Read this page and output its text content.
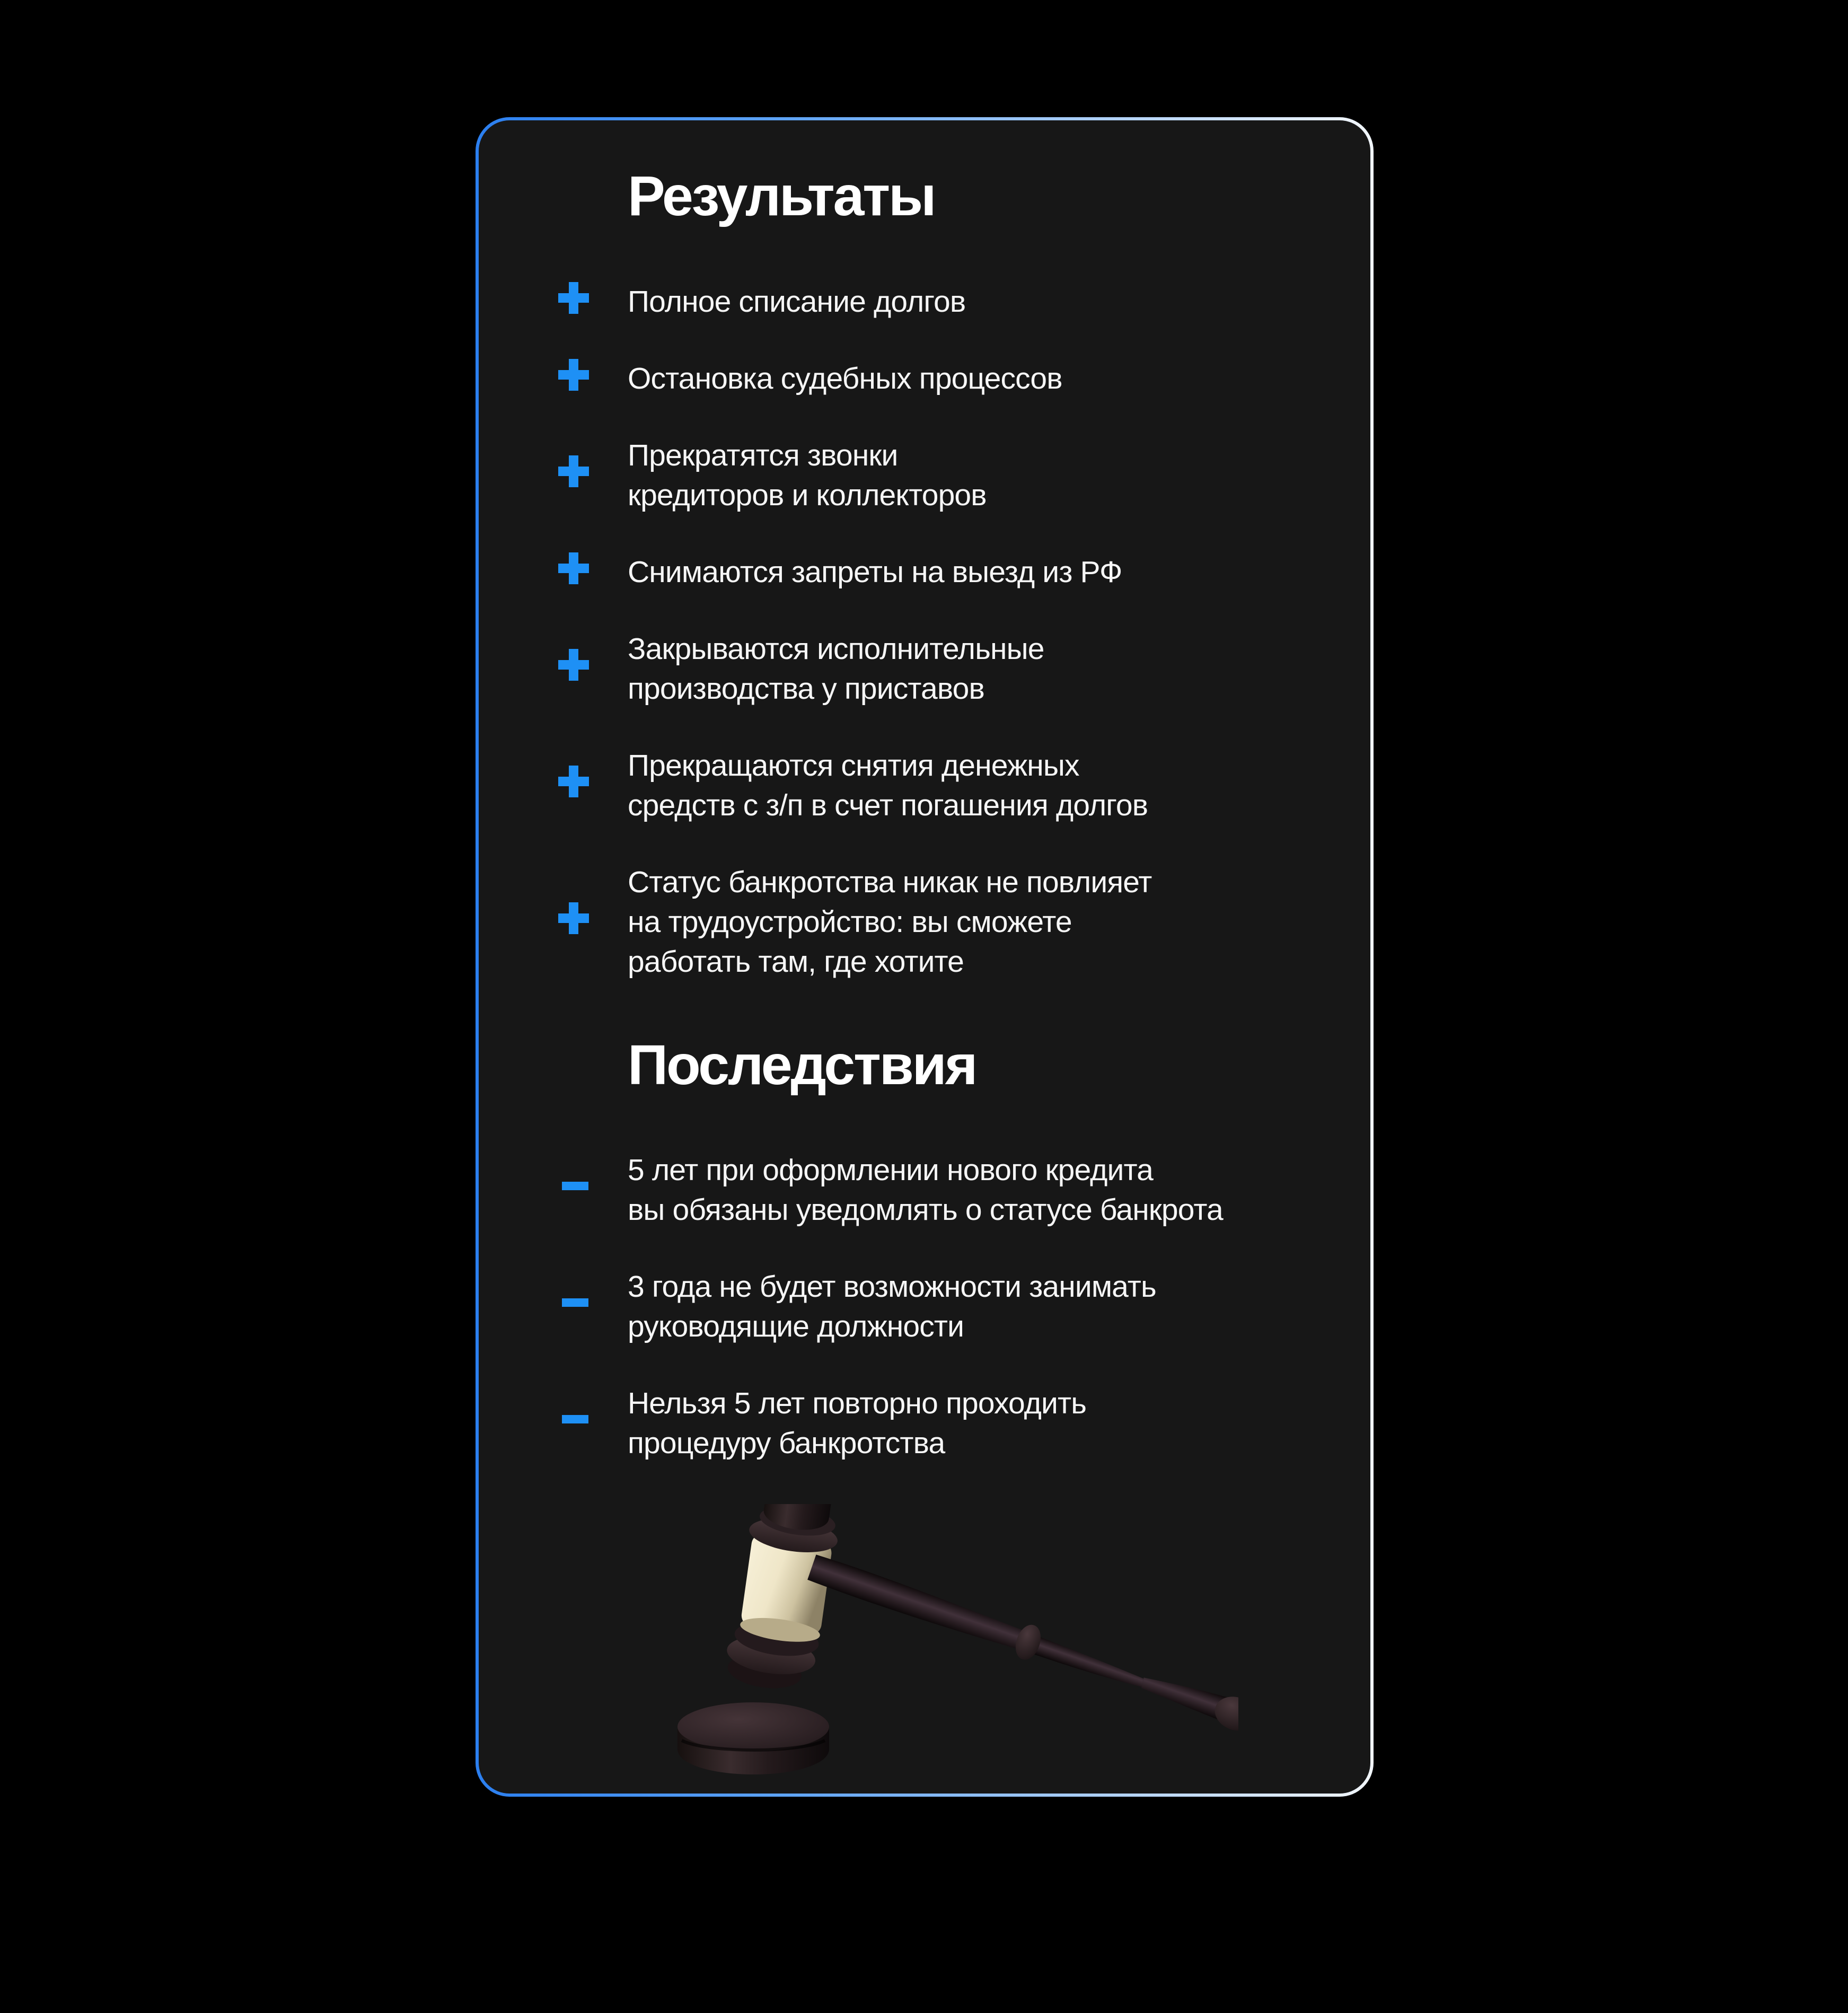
Результаты
Полное списание долгов
Остановка судебных процессов
Прекратятся звонки
кредиторов и коллекторов
Снимаются запреты на выезд из РФ
Закрываются исполнительные
производства у приставов
Прекращаются снятия денежных
средств с з/п в счет погашения долгов
Статус банкротства никак не повлияет
на трудоустройство: вы сможете
работать там, где хотите
Последствия
5 лет при оформлении нового кредита
вы обязаны уведомлять о статусе банкрота
3 года не будет возможности занимать
руководящие должности
Нельзя 5 лет повторно проходить
процедуру банкротства
